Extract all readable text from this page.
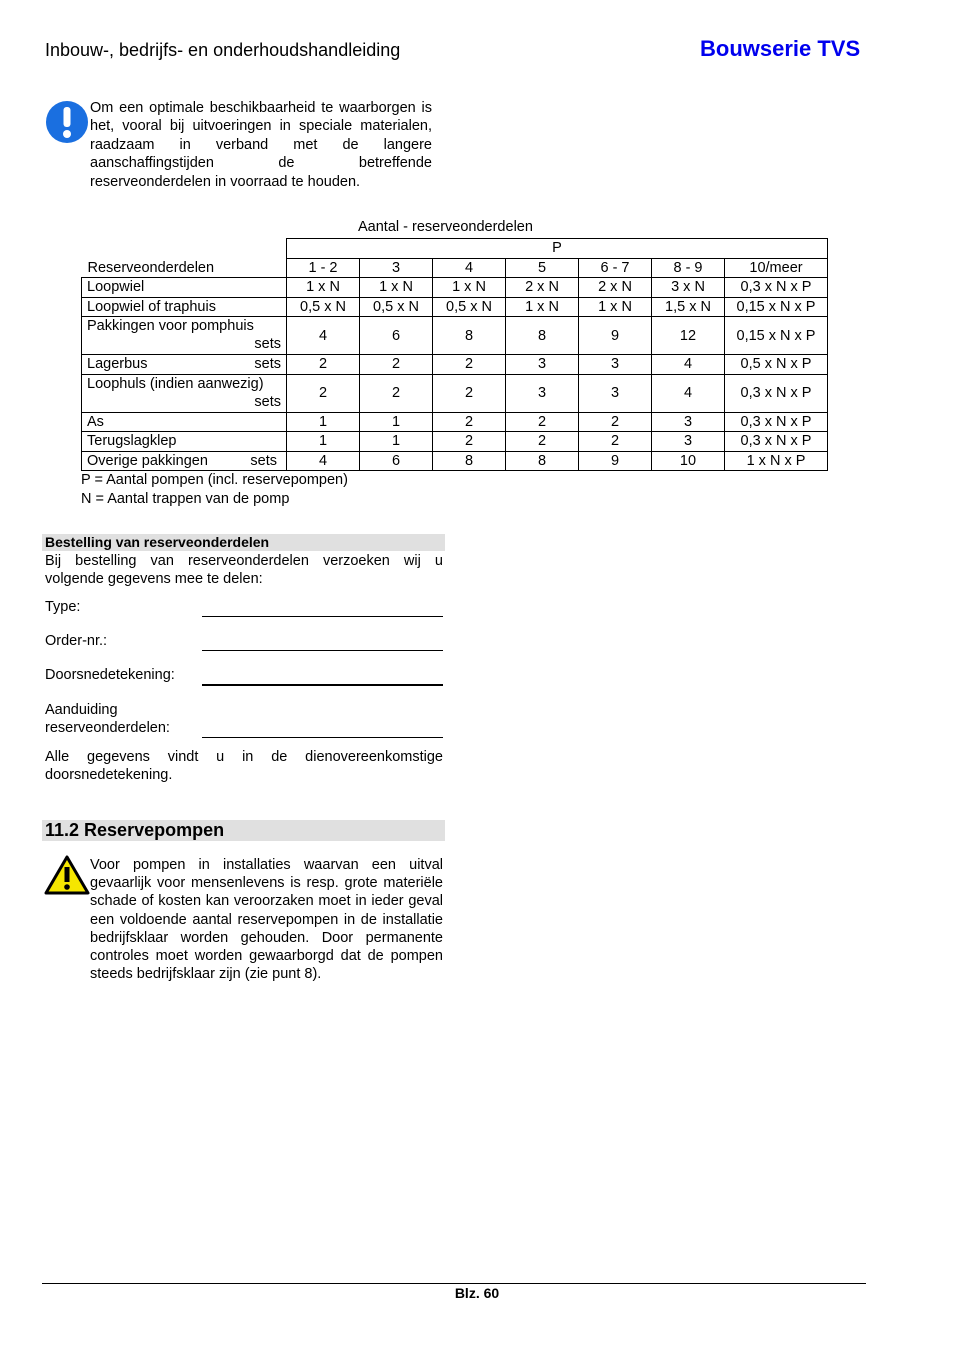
Inbouw-, bedrijfs- en onderhoudshandleiding	Bouwserie TVS
Om een optimale beschikbaarheid te waarborgen is het, vooral bij uitvoeringen in speciale materialen, raadzaam in verband met de langere aanschaffingstijden de betreffende reserveonderdelen in voorraad te houden.
Aantal - reserveonderdelen
	P						
Reserveonderdelen	1 - 2	3	4	5	6 - 7	8 - 9	10/meer
Loopwiel	1 x N	1 x N	1 x N	2 x N	2 x N	3 x N	0,3 x N x P
Loopwiel of traphuis	0,5 x N	0,5 x N	0,5 x N	1 x N	1 x N	1,5 x N	0,15 x N x P

Pakkingen voor pomphuis
sets	4	6	8	8	9	12	0,15 x N x P

Lagerbus sets	2	2	2	3	3	4	0,5 x N x P

Loophuls (indien aanwezig)
sets	2	2	2	3	3	4	0,3 x N x P
As	1	1	2	2	2	3	0,3 x N x P
Terugslagklep	1	1	2	2	2	3	0,3 x N x P

Overige pakkingen sets	4	6	8	8	9	10	1 x N x P
P = Aantal pompen (incl. reservepompen)
N = Aantal trappen van de pomp
Bestelling van reserveonderdelen
Bij bestelling van reserveonderdelen verzoeken wij u volgende gegevens mee te delen:
Type:
Order-nr.:
Doorsnedetekening:
Aanduiding
reserveonderdelen:
Alle gegevens vindt u in de dienovereenkomstige doorsnedetekening.
11.2 Reservepompen
Voor pompen in installaties waarvan een uitval gevaarlijk voor mensenlevens is resp. grote materiële schade of kosten kan veroorzaken moet in ieder geval een voldoende aantal reservepompen in de installatie bedrijfsklaar worden gehouden. Door permanente controles moet worden gewaarborgd dat de pompen steeds bedrijfsklaar zijn (zie punt 8).
Blz. 60
